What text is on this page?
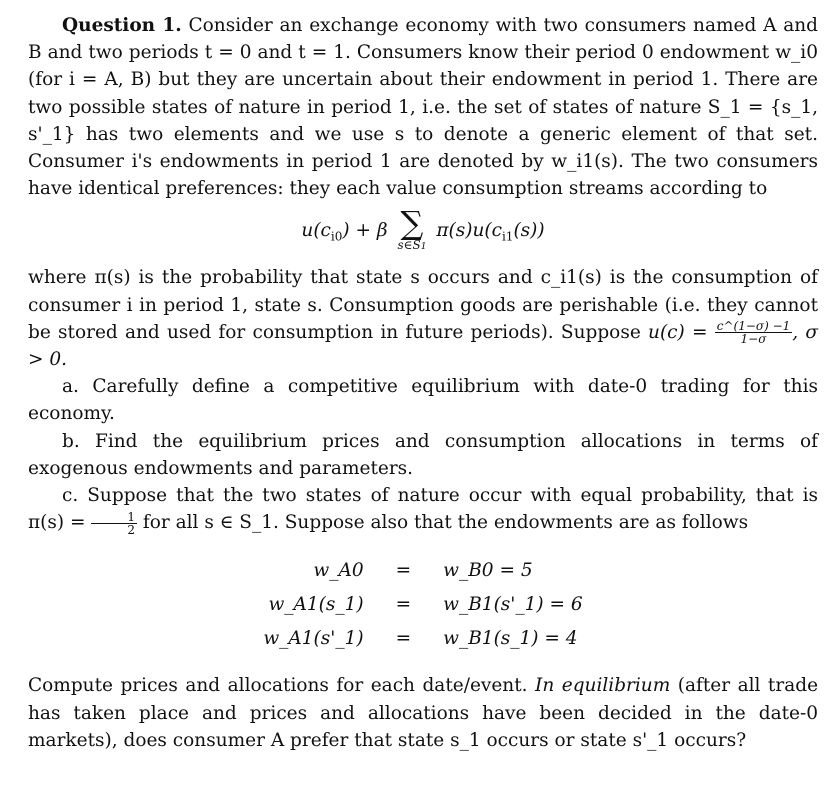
Question 1. Consider an exchange economy with two consumers named A and B and two periods t = 0 and t = 1. Consumers know their period 0 endowment w_i0 (for i = A, B) but they are uncertain about their endowment in period 1. There are two possible states of nature in period 1, i.e. the set of states of nature S_1 = {s_1, s'_1} has two elements and we use s to denote a generic element of that set. Consumer i's endowments in period 1 are denoted by w_i1(s). The two consumers have identical preferences: they each value consumption streams according to

$u(c_{i0}) + \beta$ ∑
s∈S1
$\pi(s)u(c_{i1}(s))$

where π(s) is the probability that state s occurs and c_i1(s) is the consumption of consumer i in period 1, state s. Consumption goods are perishable (i.e. they cannot be stored and used for consumption in future periods). Suppose $u(c) = \frac{c\^{}(1-\sigma) -1}{1-\sigma}$ , σ > 0.

a. Carefully define a competitive equilibrium with date-0 trading for this economy.

b. Find the equilibrium prices and consumption allocations in terms of exogenous endowments and parameters.

c. Suppose that the two states of nature occur with equal probability, that is $\pi(s) = \frac{1}{2}$ for all s ∈ S_1. Suppose also that the endowments are as follows

w_A0	=	w_B0 = 5
w_A1(s_1)	=	w_B1(s'_1) = 6
w_A1(s'_1)	=	w_B1(s_1) = 4

Compute prices and allocations for each date/event. In equilibrium (after all trade has taken place and prices and allocations have been decided in the date-0 markets), does consumer A prefer that state s_1 occurs or state s'_1 occurs?
